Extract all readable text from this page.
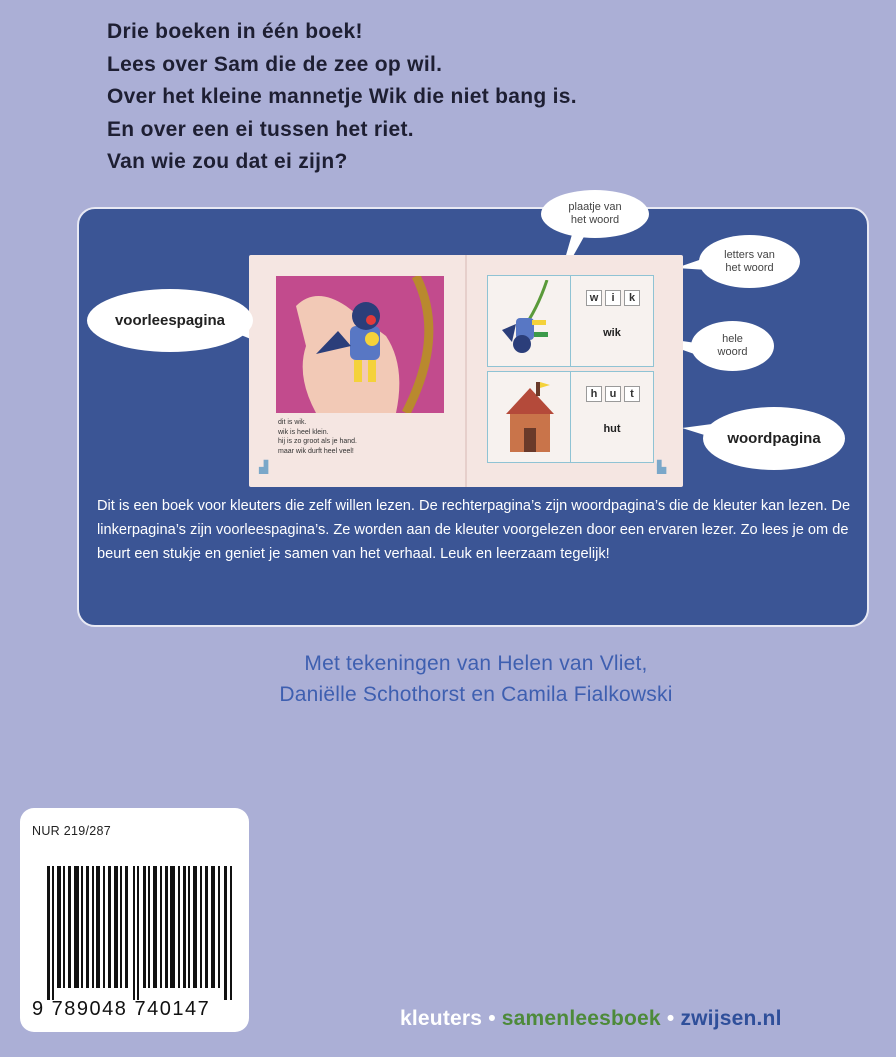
Drie boeken in één boek!
Lees over Sam die de zee op wil.
Over het kleine mannetje Wik die niet bang is.
En over een ei tussen het riet.
Van wie zou dat ei zijn?
dit is wik.
wik is heel klein.
hij is zo groot als je hand.
maar wik durft heel veel!
▟	▙
w	i	k
wik
h	u	t
hut
voorleespagina
woordpagina
plaatje van
het woord
letters van
het woord
hele
woord
Dit is een boek voor kleuters die zelf willen lezen. De rechterpagina’s zijn woordpagina’s die de kleuter kan lezen. De linkerpagina’s zijn voorleespagina’s. Ze worden aan de kleuter voorgelezen door een ervaren lezer. Zo lees je om de beurt een stukje en geniet je samen van het verhaal. Leuk en leerzaam tegelijk!
Met tekeningen van Helen van Vliet,
Daniëlle Schothorst en Camila Fialkowski
NUR 219/287
9 789048 740147	kleuters • samenleesboek • zwijsen.nl
